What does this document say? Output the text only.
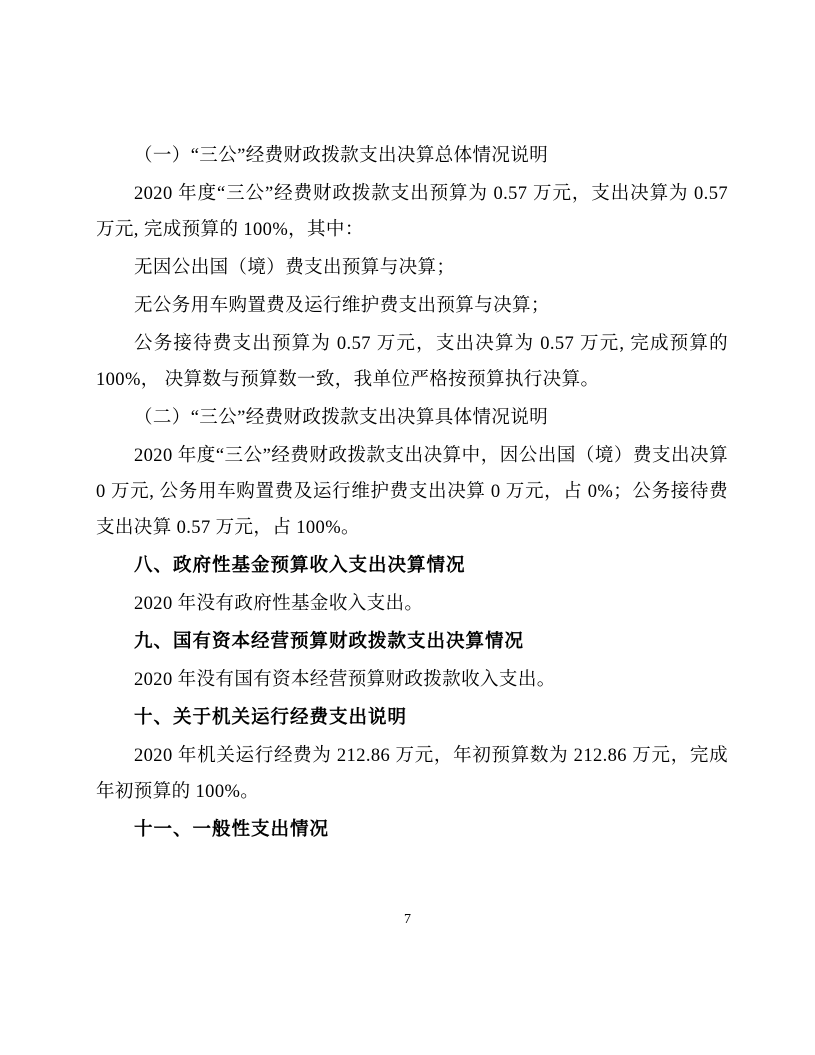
（一）“三公”经费财政拨款支出决算总体情况说明

2020 年度“三公”经费财政拨款支出预算为 0.57 万元，支出决算为 0.57 万元, 完成预算的 100%，其中：

无因公出国（境）费支出预算与决算；

无公务用车购置费及运行维护费支出预算与决算；

公务接待费支出预算为 0.57 万元，支出决算为 0.57 万元, 完成预算的 100%， 决算数与预算数一致，我单位严格按预算执行决算。

（二）“三公”经费财政拨款支出决算具体情况说明

2020 年度“三公”经费财政拨款支出决算中，因公出国（境）费支出决算 0 万元, 公务用车购置费及运行维护费支出决算 0 万元，占 0%；公务接待费支出决算 0.57 万元，占 100%。

八、政府性基金预算收入支出决算情况

2020 年没有政府性基金收入支出。

九、国有资本经营预算财政拨款支出决算情况

2020 年没有国有资本经营预算财政拨款收入支出。

十、关于机关运行经费支出说明

2020 年机关运行经费为 212.86 万元，年初预算数为 212.86 万元，完成年初预算的 100%。

十一、一般性支出情况

7
